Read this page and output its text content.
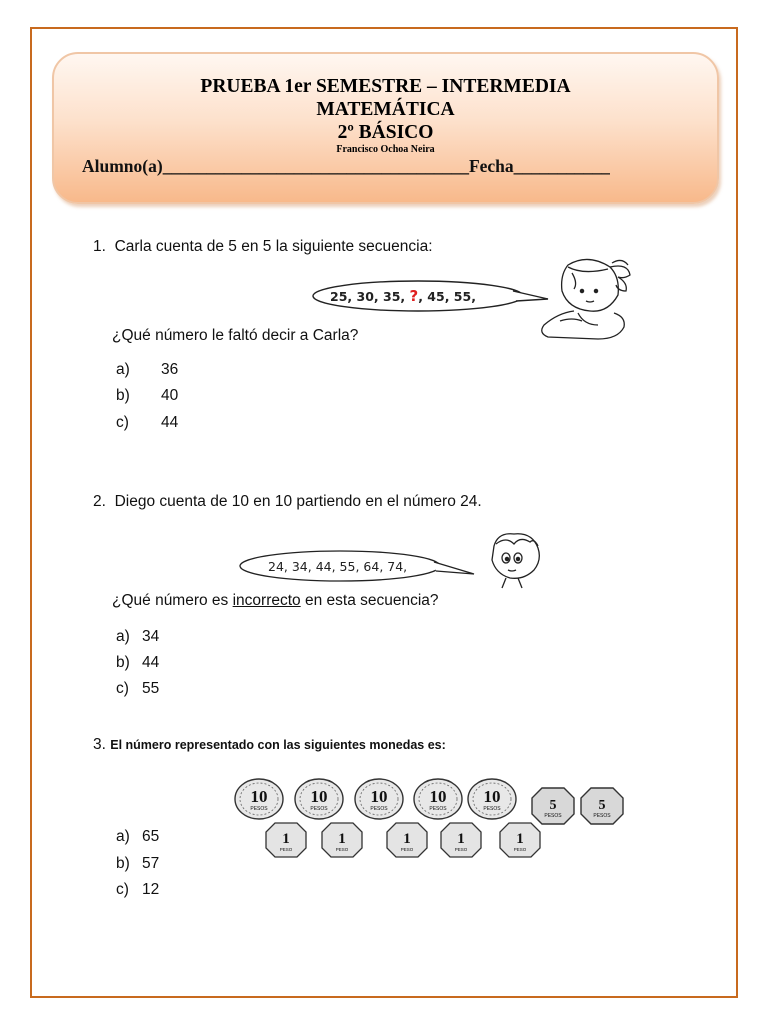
PRUEBA 1er SEMESTRE – INTERMEDIA
MATEMÁTICA
2º BÁSICO
Francisco Ochoa Neira
Alumno(a)___________________________________Fecha___________
1. Carla cuenta de 5 en 5 la siguiente secuencia:
25, 30, 35, ?, 45, 55,
¿Qué número le faltó decir a Carla?
a) 36
b) 40
c) 44
2. Diego cuenta de 10 en 10 partiendo en el número 24.
24, 34, 44, 55, 64, 74,
¿Qué número es incorrecto en esta secuencia?
a) 34
b) 44
c) 55
3. El número representado con las siguientes monedas es:
10
PESOS
10
PESOS
10
PESOS
10
PESOS
10
PESOS	5
PESOS
5
PESOS
1
PESO
1
PESO
1
PESO
1
PESO
1
PESO
a) 65
b) 57
c) 12
